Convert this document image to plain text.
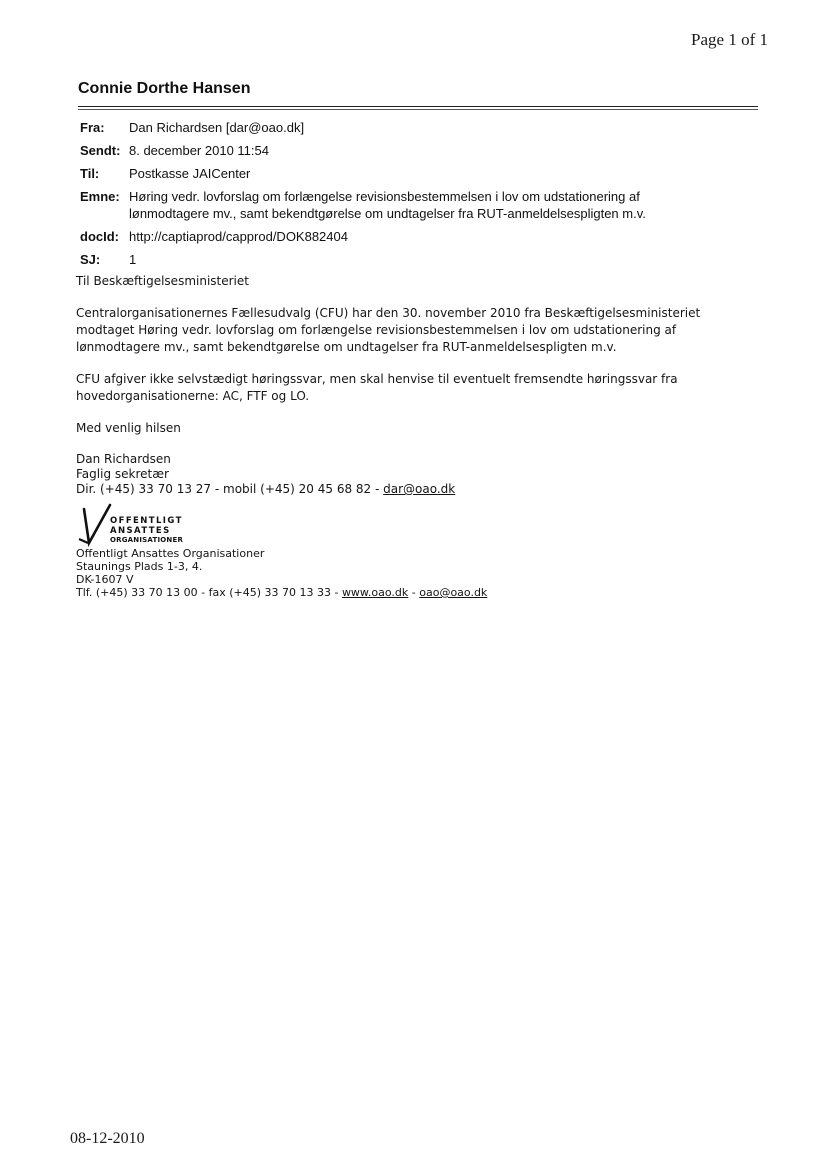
Page 1 of 1
Connie Dorthe Hansen
Fra:	Dan Richardsen [dar@oao.dk]
Sendt: 8. december 2010 11:54
Til:	Postkasse JAICenter
Emne: Høring vedr. lovforslag om forlængelse revisionsbestemmelsen i lov om udstationering af lønmodtagere mv., samt bekendtgørelse om undtagelser fra RUT-anmeldelsespligten m.v.
docId: http://captiaprod/capprod/DOK882404
SJ:	1

Til Beskæftigelsesministeriet

Centralorganisationernes Fællesudvalg (CFU) har den 30. november 2010 fra Beskæftigelsesministeriet modtaget Høring vedr. lovforslag om forlængelse revisionsbestemmelsen i lov om udstationering af lønmodtagere mv., samt bekendtgørelse om undtagelser fra RUT-anmeldelsespligten m.v.

CFU afgiver ikke selvstædigt høringssvar, men skal henvise til eventuelt fremsendte høringssvar fra hovedorganisationerne: AC, FTF og LO.

Med venlig hilsen

Dan Richardsen
Faglig sekretær
Dir. (+45) 33 70 13 27 - mobil (+45) 20 45 68 82 - dar@oao.dk
OFFENTLIGT
ANSATTES
ORGANISATIONER
Offentligt Ansattes Organisationer
Staunings Plads 1-3, 4.
DK-1607 V
Tlf. (+45) 33 70 13 00 - fax (+45) 33 70 13 33 - www.oao.dk - oao@oao.dk
08-12-2010
